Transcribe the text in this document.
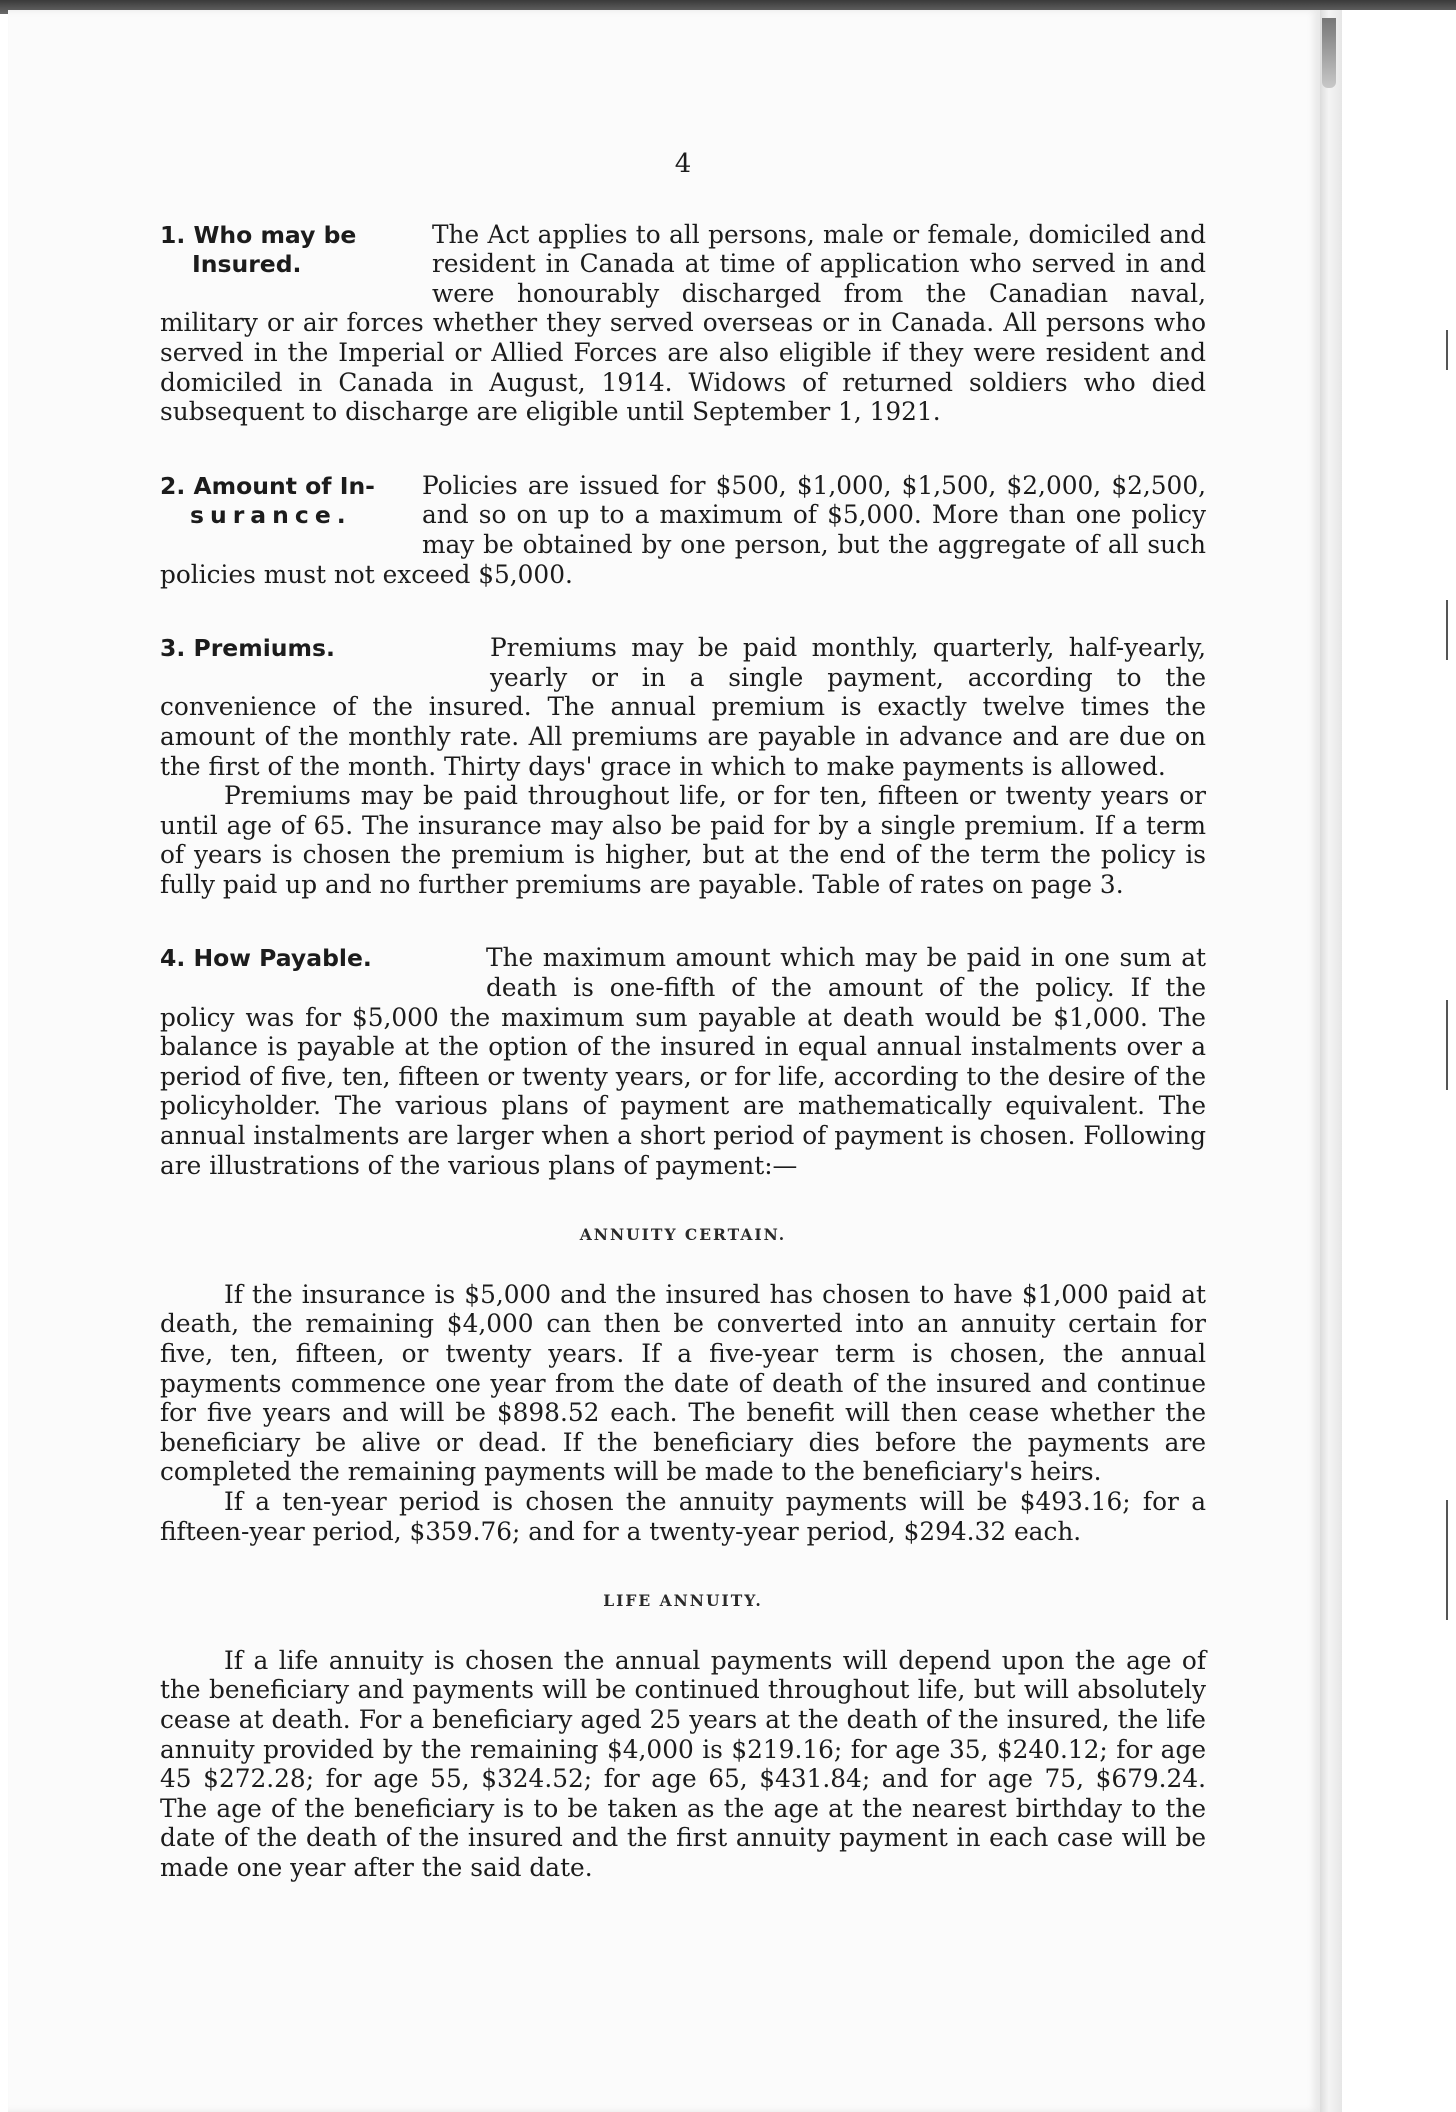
4
1. Who may be
Insured.

The Act applies to all persons, male or female, domiciled and resident in Canada at time of application who served in and were honourably discharged from the Canadian naval, military or air forces whether they served overseas or in Canada. All persons who served in the Imperial or Allied Forces are also eligible if they were resident and domiciled in Canada in August, 1914. Widows of returned soldiers who died subsequent to discharge are eligible until September 1, 1921.

2. Amount of In-
surance.

Policies are issued for $500, $1,000, $1,500, $2,000, $2,500, and so on up to a maximum of $5,000. More than one policy may be obtained by one person, but the aggregate of all such policies must not exceed $5,000.

3. Premiums.	Premiums may be paid monthly, quarterly, half-yearly, yearly or in a single payment, according to the convenience of the insured. The annual premium is exactly twelve times the amount of the monthly rate. All premiums are payable in advance and are due on the first of the month. Thirty days' grace in which to make payments is allowed.

Premiums may be paid throughout life, or for ten, fifteen or twenty years or until age of 65. The insurance may also be paid for by a single premium. If a term of years is chosen the premium is higher, but at the end of the term the policy is fully paid up and no further premiums are payable. Table of rates on page 3.

4. How Payable.	The maximum amount which may be paid in one sum at death is one-fifth of the amount of the policy. If the policy was for $5,000 the maximum sum payable at death would be $1,000. The balance is payable at the option of the insured in equal annual instalments over a period of five, ten, fifteen or twenty years, or for life, according to the desire of the policyholder. The various plans of payment are mathematically equivalent. The annual instalments are larger when a short period of payment is chosen. Following are illustrations of the various plans of payment:—

ANNUITY CERTAIN.

If the insurance is $5,000 and the insured has chosen to have $1,000 paid at death, the remaining $4,000 can then be converted into an annuity certain for five, ten, fifteen, or twenty years. If a five-year term is chosen, the annual payments commence one year from the date of death of the insured and continue for five years and will be $898.52 each. The benefit will then cease whether the beneficiary be alive or dead. If the beneficiary dies before the payments are completed the remaining payments will be made to the beneficiary's heirs.

If a ten-year period is chosen the annuity payments will be $493.16; for a fifteen-year period, $359.76; and for a twenty-year period, $294.32 each.

LIFE ANNUITY.

If a life annuity is chosen the annual payments will depend upon the age of the beneficiary and payments will be continued throughout life, but will absolutely cease at death. For a beneficiary aged 25 years at the death of the insured, the life annuity provided by the remaining $4,000 is $219.16; for age 35, $240.12; for age 45 $272.28; for age 55, $324.52; for age 65, $431.84; and for age 75, $679.24. The age of the beneficiary is to be taken as the age at the nearest birthday to the date of the death of the insured and the first annuity payment in each case will be made one year after the said date.
